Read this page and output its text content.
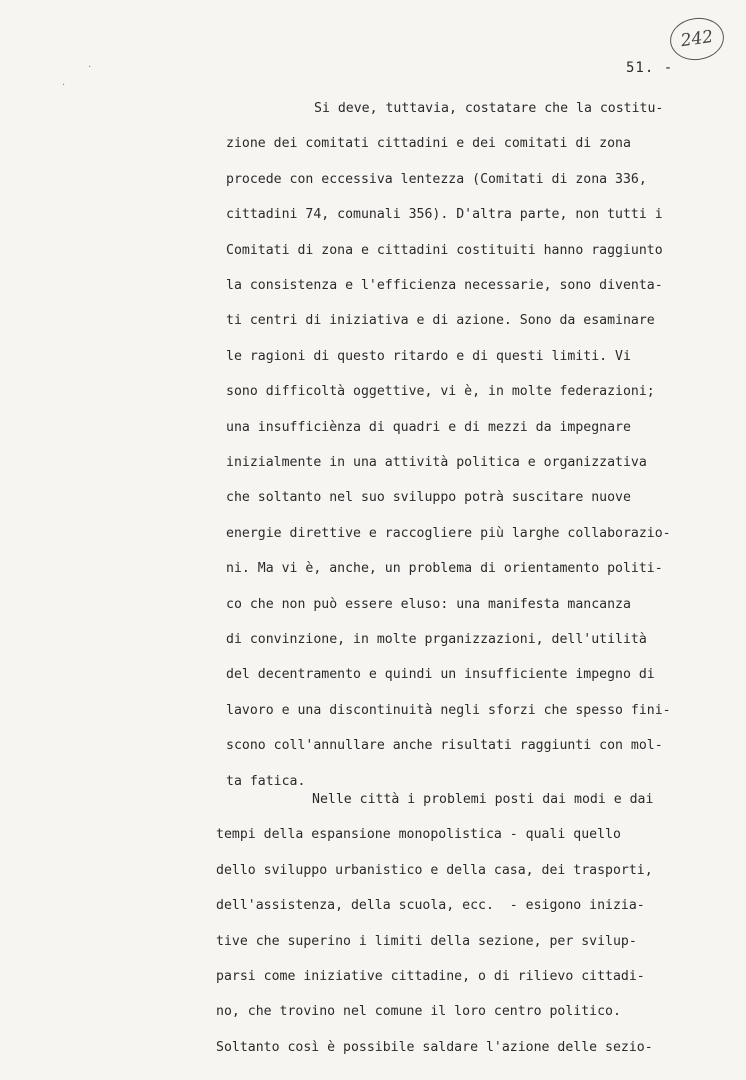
242
51. -
·
·
Si deve, tuttavia, costatare che la costitu-
zione dei comitati cittadini e dei comitati di zona
procede con eccessiva lentezza (Comitati di zona 336,
cittadini 74, comunali 356). D'altra parte, non tutti i
Comitati di zona e cittadini costituiti hanno raggiunto
la consistenza e l'efficienza necessarie, sono diventa-
ti centri di iniziativa e di azione. Sono da esaminare
le ragioni di questo ritardo e di questi limiti. Vi
sono difficoltà oggettive, vi è, in molte federazioni;
una insufficiènza di quadri e di mezzi da impegnare
inizialmente in una attività politica e organizzativa
che soltanto nel suo sviluppo potrà suscitare nuove
energie direttive e raccogliere più larghe collaborazio-
ni. Ma vi è, anche, un problema di orientamento politi-
co che non può essere eluso: una manifesta mancanza
di convinzione, in molte prganizzazioni, dell'utilità
del decentramento e quindi un insufficiente impegno di
lavoro e una discontinuità negli sforzi che spesso fini-
scono coll'annullare anche risultati raggiunti con mol-
ta fatica.
Nelle città i problemi posti dai modi e dai
tempi della espansione monopolistica - quali quello
dello sviluppo urbanistico e della casa, dei trasporti,
dell'assistenza, della scuola, ecc.  - esigono inizia-
tive che superino i limiti della sezione, per svilup-
parsi come iniziative cittadine, o di rilievo cittadi-
no, che trovino nel comune il loro centro politico.
Soltanto così è possibile saldare l'azione delle sezio-
